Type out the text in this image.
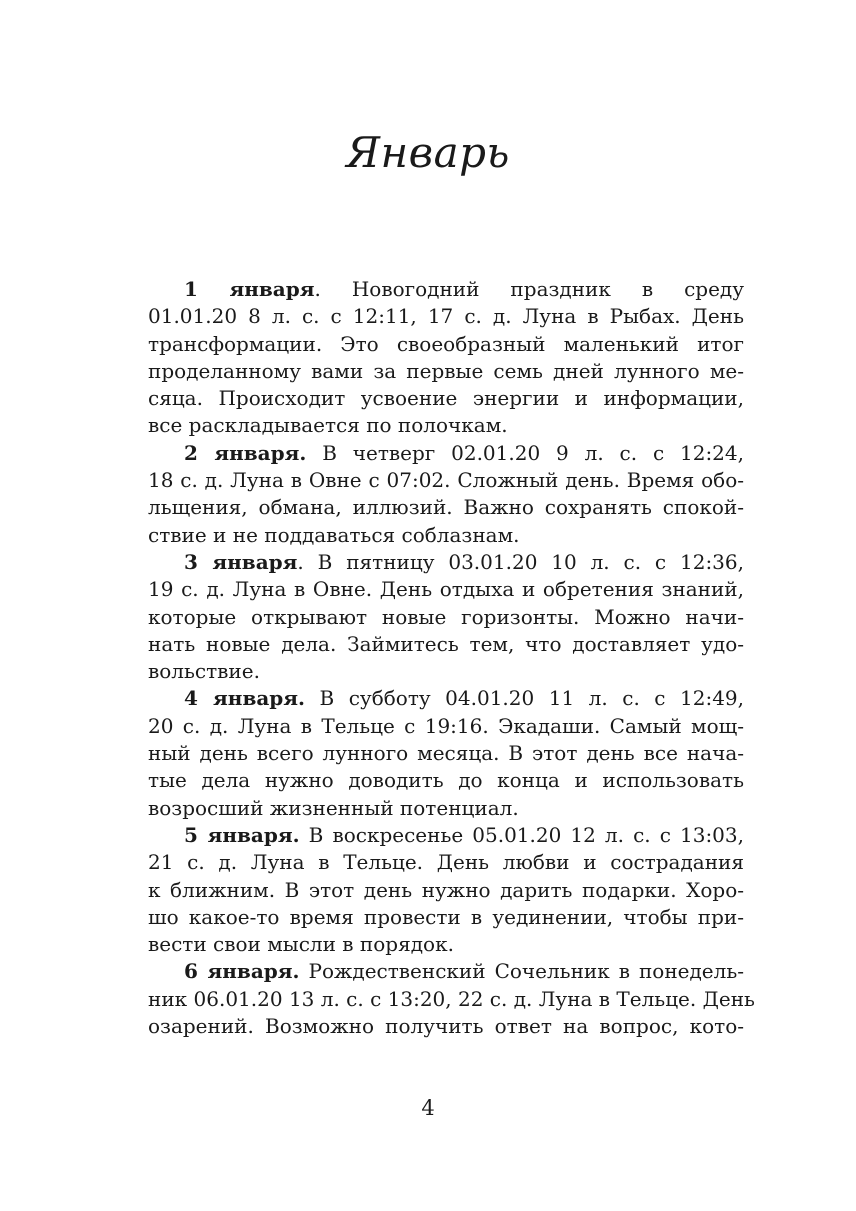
Январь
1 января. Новогодний праздник в среду
01.01.20 8 л. с. с 12:11, 17 с. д. Луна в Рыбах. День
трансформации. Это своеобразный маленький итог
проделанному вами за первые семь дней лунного ме-
сяца. Происходит усвоение энергии и информации,
все раскладывается по полочкам.
2 января. В четверг 02.01.20 9 л. с. с 12:24,
18 с. д. Луна в Овне с 07:02. Сложный день. Время обо-
льщения, обмана, иллюзий. Важно сохранять спокой-
ствие и не поддаваться соблазнам.
3 января. В пятницу 03.01.20 10 л. с. с 12:36,
19 с. д. Луна в Овне. День отдыха и обретения знаний,
которые открывают новые горизонты. Можно начи-
нать новые дела. Займитесь тем, что доставляет удо-
вольствие.
4 января. В субботу 04.01.20 11 л. с. с 12:49,
20 с. д. Луна в Тельце с 19:16. Экадаши. Самый мощ-
ный день всего лунного месяца. В этот день все нача-
тые дела нужно доводить до конца и использовать
возросший жизненный потенциал.
5 января. В воскресенье 05.01.20 12 л. с. с 13:03,
21 с. д. Луна в Тельце. День любви и сострадания
к ближним. В этот день нужно дарить подарки. Хоро-
шо какое-то время провести в уединении, чтобы при-
вести свои мысли в порядок.
6 января. Рождественский Сочельник в понедель-
ник 06.01.20 13 л. с. с 13:20, 22 с. д. Луна в Тельце. День
озарений. Возможно получить ответ на вопрос, кото-
4
